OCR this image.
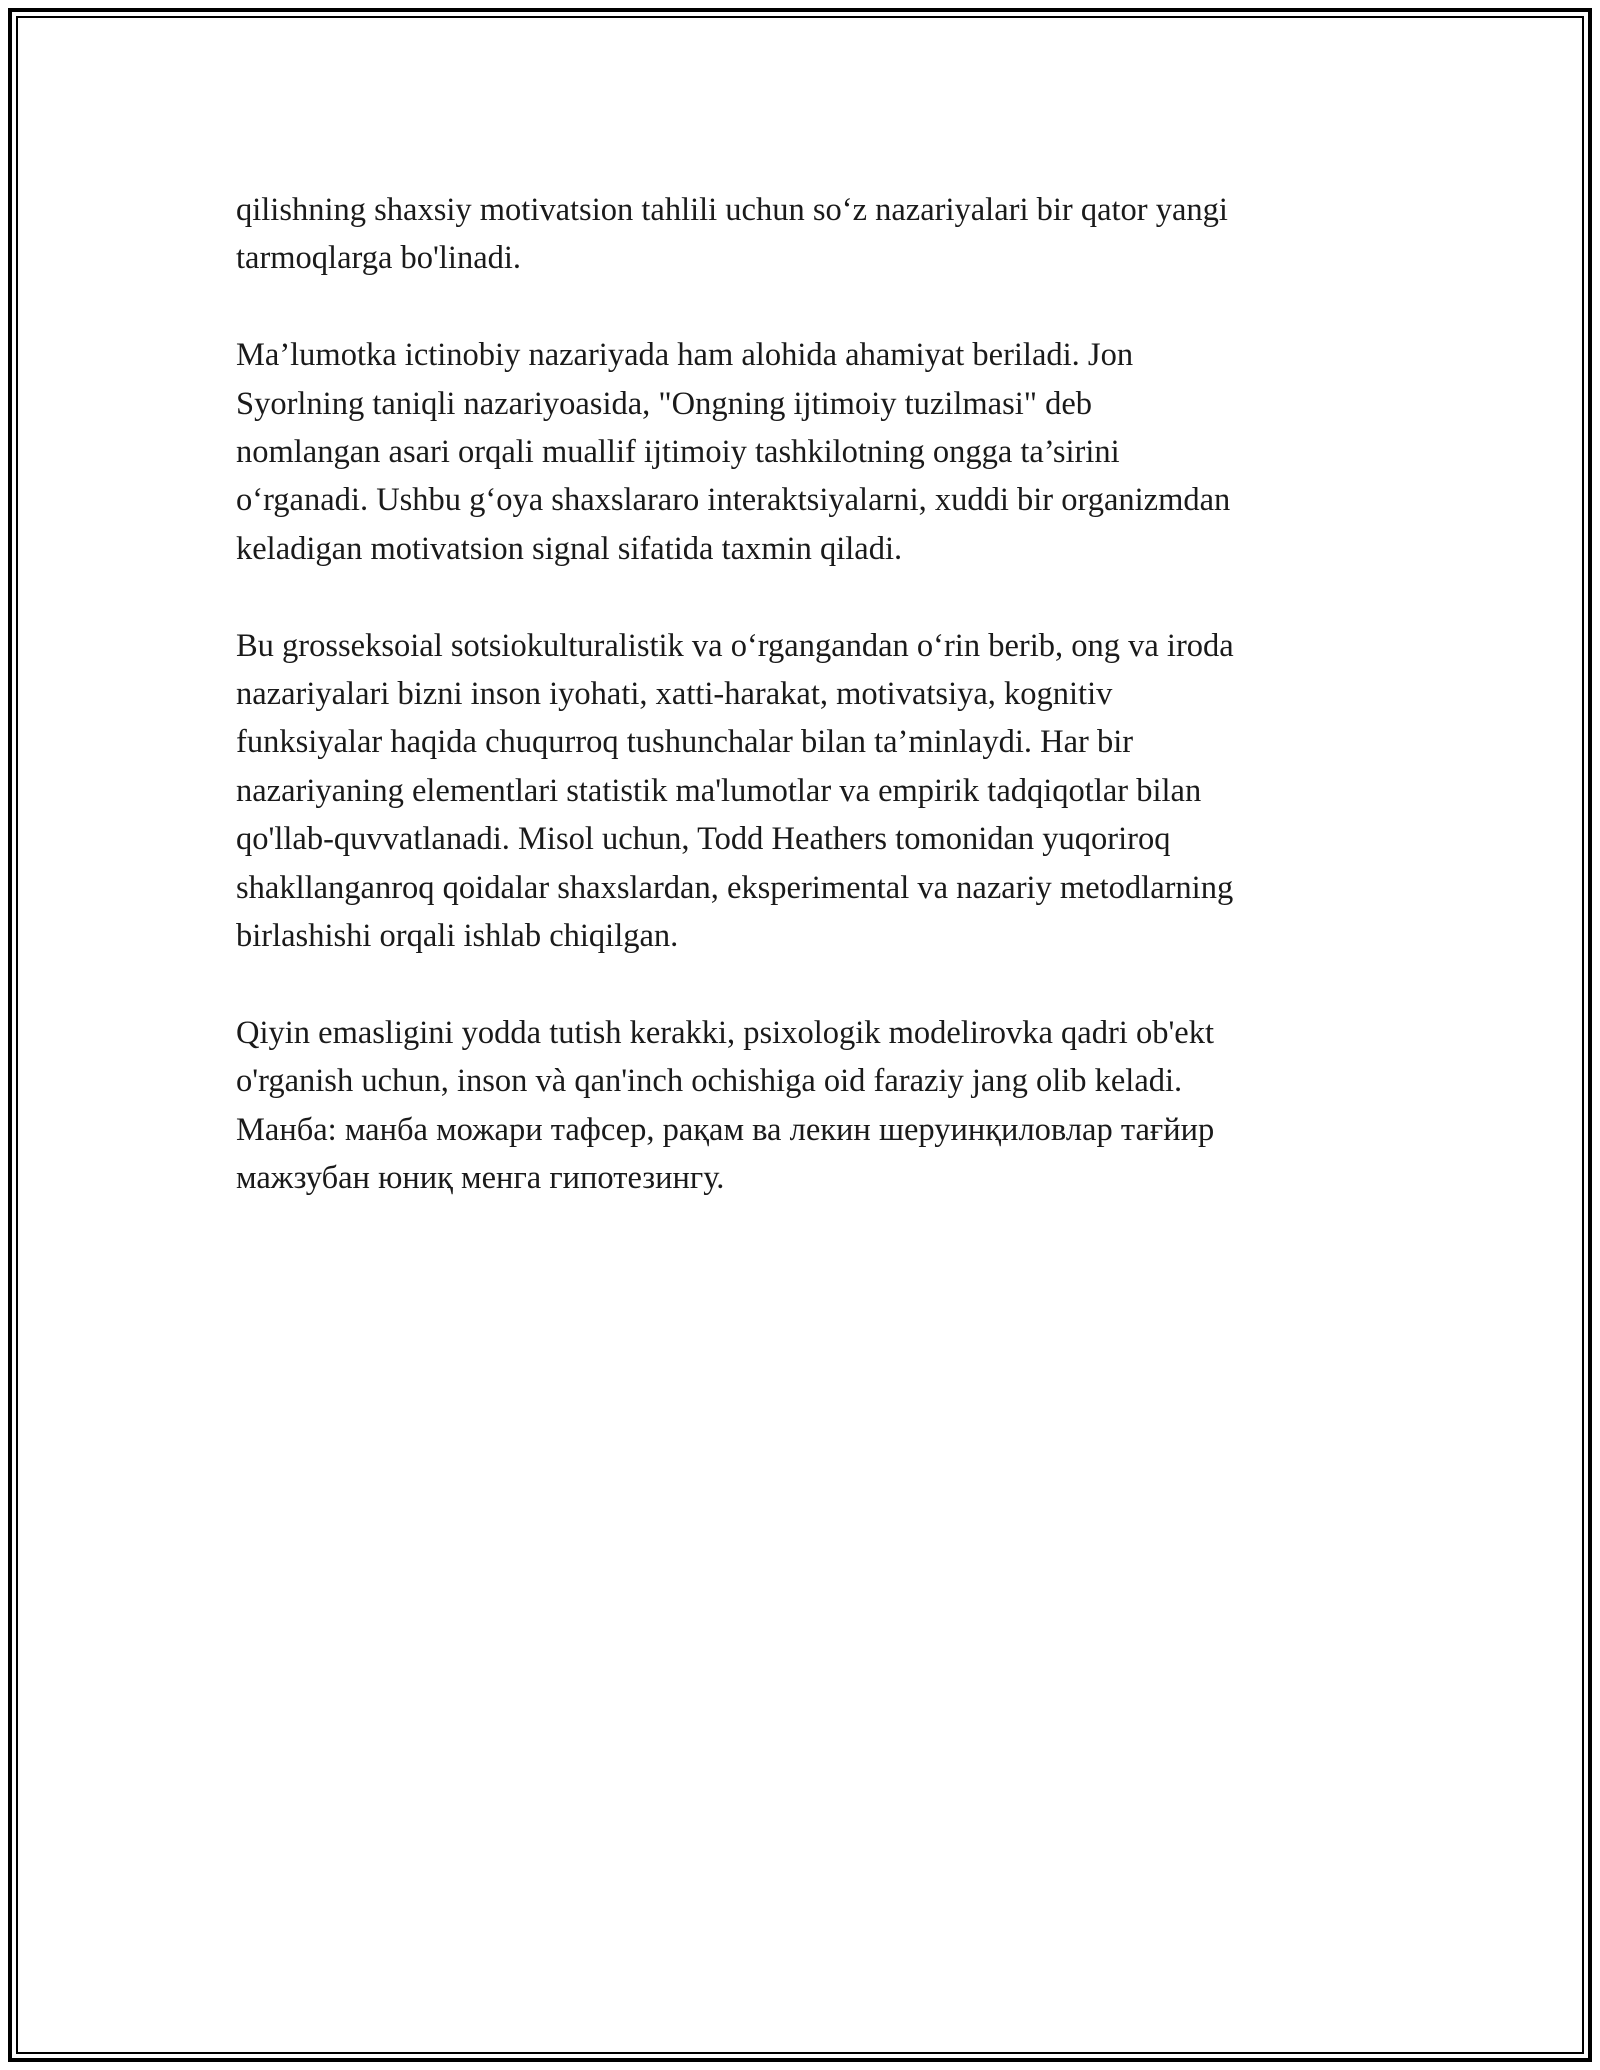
qilishning shaxsiy motivatsion tahlili uchun so‘z nazariyalari bir qator yangi
tarmoqlarga bo'linadi.

Ma’lumotka ictinobiy nazariyada ham alohida ahamiyat beriladi. Jon
Syorlning taniqli nazariyoasida, "Ongning ijtimoiy tuzilmasi" deb
nomlangan asari orqali muallif ijtimoiy tashkilotning ongga ta’sirini
o‘rganadi. Ushbu g‘oya shaxslararo interaktsiyalarni, xuddi bir organizmdan
keladigan motivatsion signal sifatida taxmin qiladi.

Bu grosseksoial sotsiokulturalistik va o‘rgangandan o‘rin berib, ong va iroda
nazariyalari bizni inson iyohati, xatti-harakat, motivatsiya, kognitiv
funksiyalar haqida chuqurroq tushunchalar bilan ta’minlaydi. Har bir
nazariyaning elementlari statistik ma'lumotlar va empirik tadqiqotlar bilan
qo'llab-quvvatlanadi. Misol uchun, Todd Heathers tomonidan yuqoriroq
shakllanganroq qoidalar shaxslardan, eksperimental va nazariy metodlarning
birlashishi orqali ishlab chiqilgan.

Qiyin emasligini yodda tutish kerakki, psixologik modelirovka qadri ob'ekt
o'rganish uchun, inson và qan'inch ochishiga oid faraziy jang olib keladi.
Манба: манба можари тафсер, рақам ва лекин шеруинқиловлар тағйир
мажзубан юниқ менга гипотезингу.
